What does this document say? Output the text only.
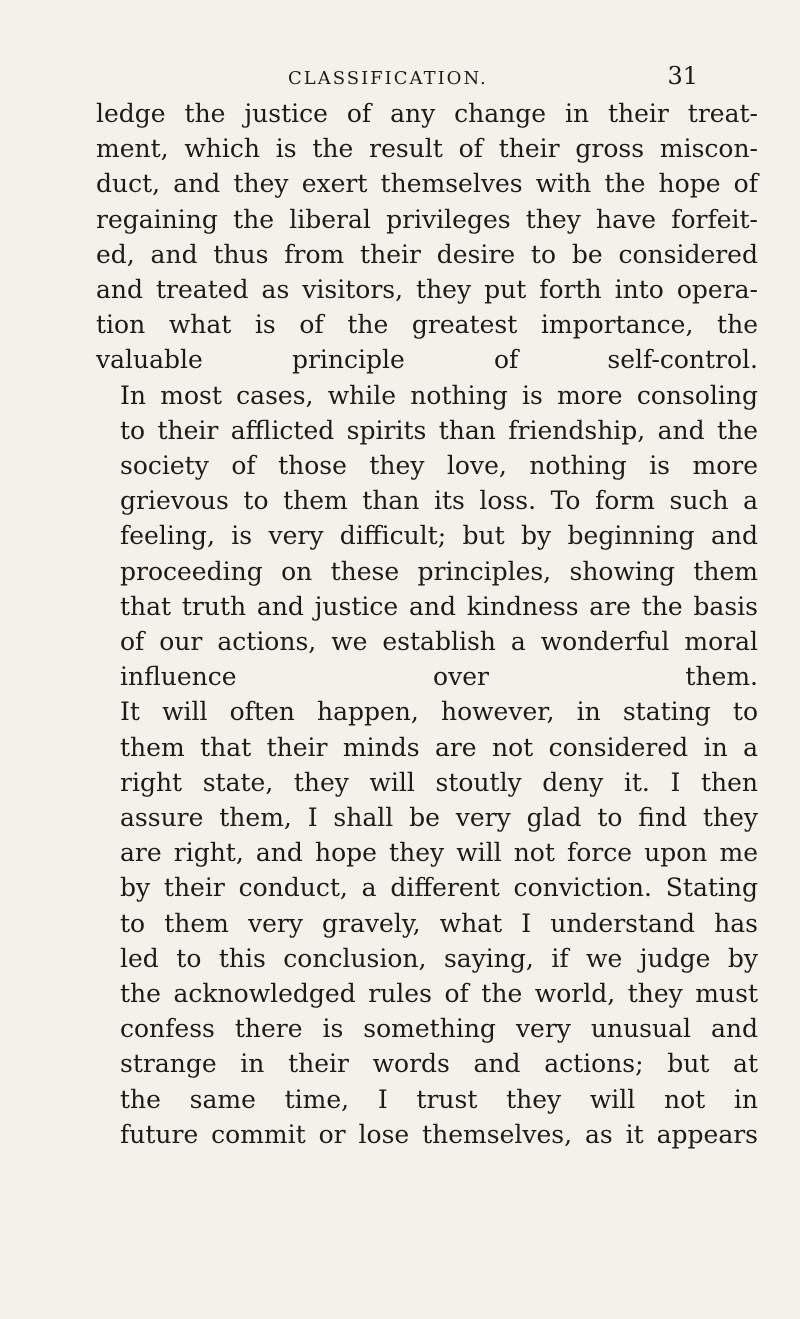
CLASSIFICATION.	31

ledge the justice of any change in their treat-
ment, which is the result of their gross miscon-
duct, and they exert themselves with the hope of
regaining the liberal privileges they have forfeit-
ed, and thus from their desire to be considered
and treated as visitors, they put forth into opera-
tion what is of the greatest importance, the
valuable principle of self-control.

In most cases, while nothing is more consoling
to their afflicted spirits than friendship, and the
society of those they love, nothing is more
grievous to them than its loss. To form such a
feeling, is very difficult; but by beginning and
proceeding on these principles, showing them
that truth and justice and kindness are the basis
of our actions, we establish a wonderful moral
influence over them.

It will often happen, however, in stating to
them that their minds are not considered in a
right state, they will stoutly deny it. I then
assure them, I shall be very glad to find they
are right, and hope they will not force upon me
by their conduct, a different conviction. Stating
to them very gravely, what I understand has
led to this conclusion, saying, if we judge by
the acknowledged rules of the world, they must
confess there is something very unusual and
strange in their words and actions; but at
the same time, I trust they will not in
future commit or lose themselves, as it appears
